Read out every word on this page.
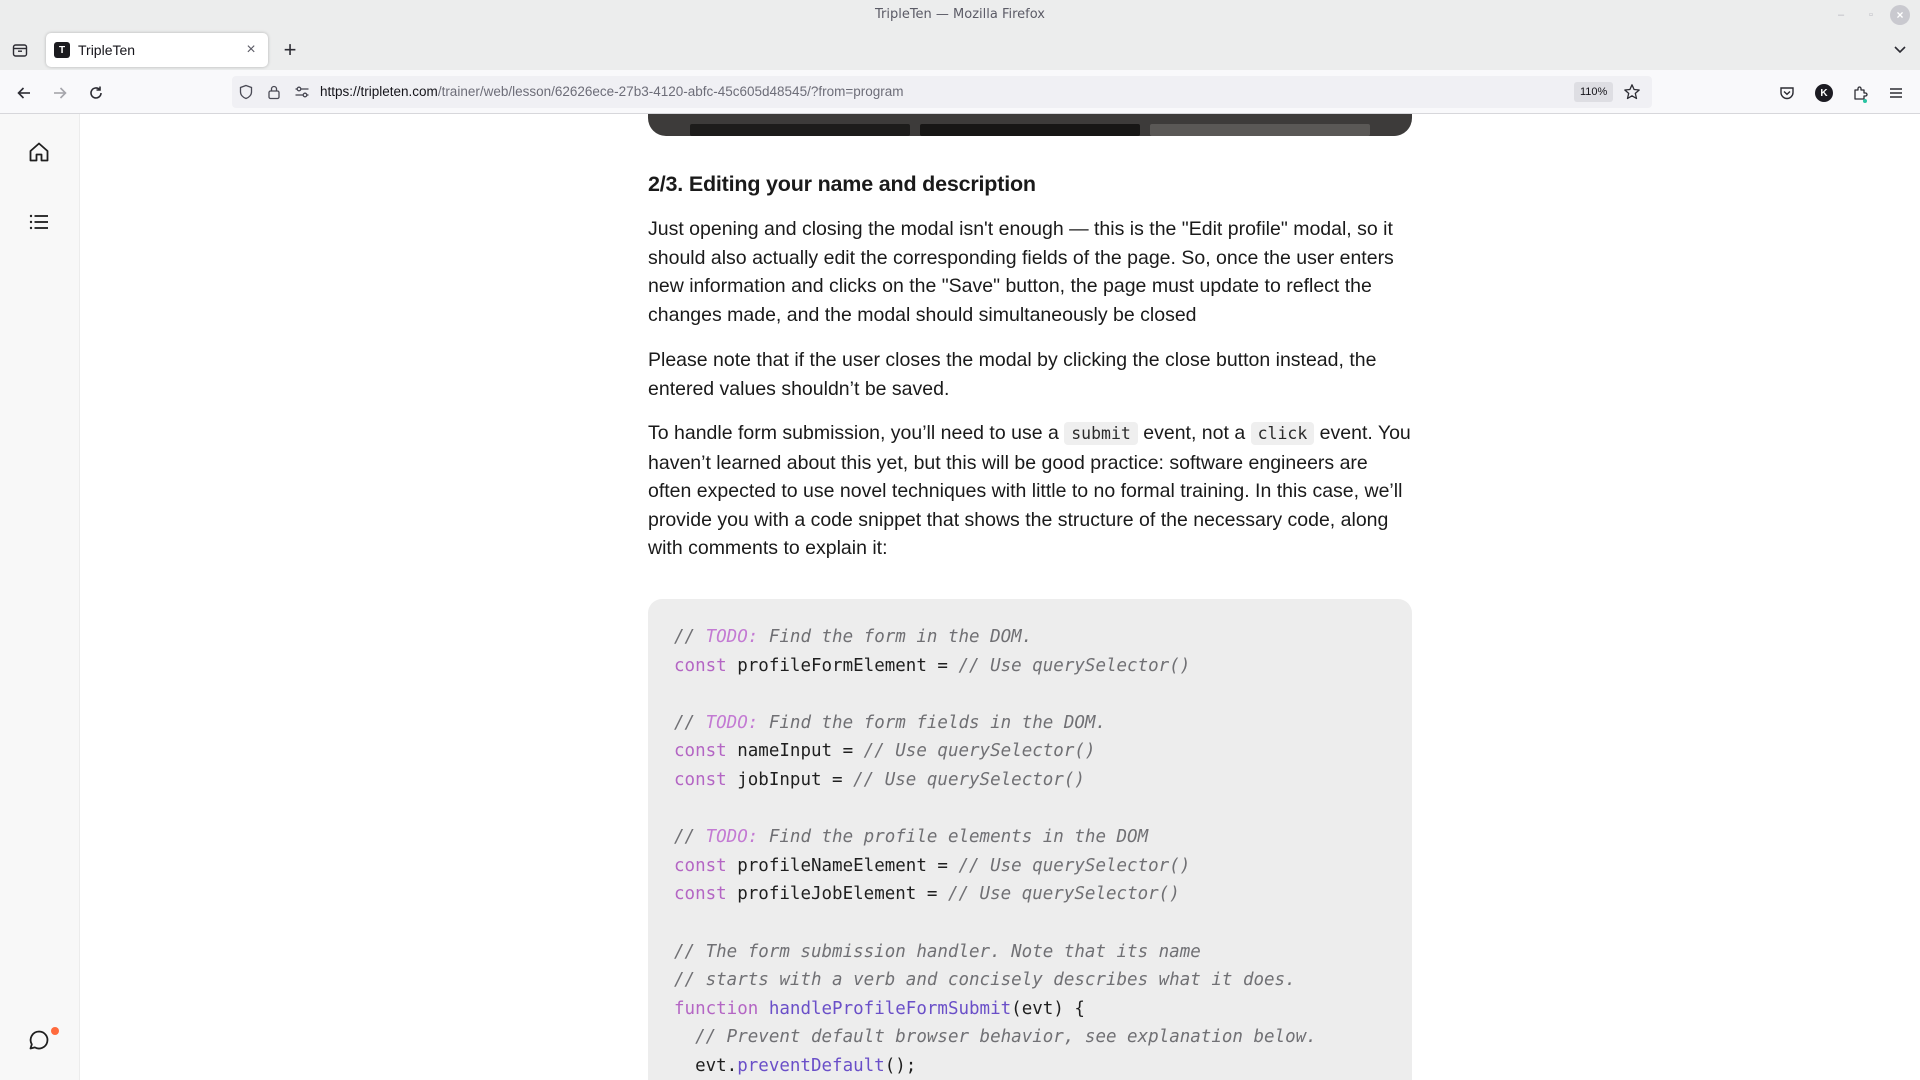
TripleTen — Mozilla Firefox	–	▫	×
T TripleTen	× +
https://tripleten.com/trainer/web/lesson/62626ece-27b3-4120-abfc-45c605d48545/?from=program	110%	K
2/3. Editing your name and description

Just opening and closing the modal isn't enough — this is the "Edit profile" modal, so it should also actually edit the corresponding fields of the page. So, once the user enters new information and clicks on the "Save" button, the page must update to reflect the changes made, and the modal should simultaneously be closed

Please note that if the user closes the modal by clicking the close button instead, the entered values shouldn’t be saved.

To handle form submission, you’ll need to use a submit event, not a click event. You haven’t learned about this yet, but this will be good practice: software engineers are often expected to use novel techniques with little to no formal training. In this case, we’ll provide you with a code snippet that shows the structure of the necessary code, along with comments to explain it:

// TODO: Find the form in the DOM.
const profileFormElement = // Use querySelector()
// TODO: Find the form fields in the DOM.
const nameInput = // Use querySelector()
const jobInput = // Use querySelector()
// TODO: Find the profile elements in the DOM
const profileNameElement = // Use querySelector()
const profileJobElement = // Use querySelector()
// The form submission handler. Note that its name
// starts with a verb and concisely describes what it does.
function handleProfileFormSubmit(evt) {
// Prevent default browser behavior, see explanation below.
evt.preventDefault();
